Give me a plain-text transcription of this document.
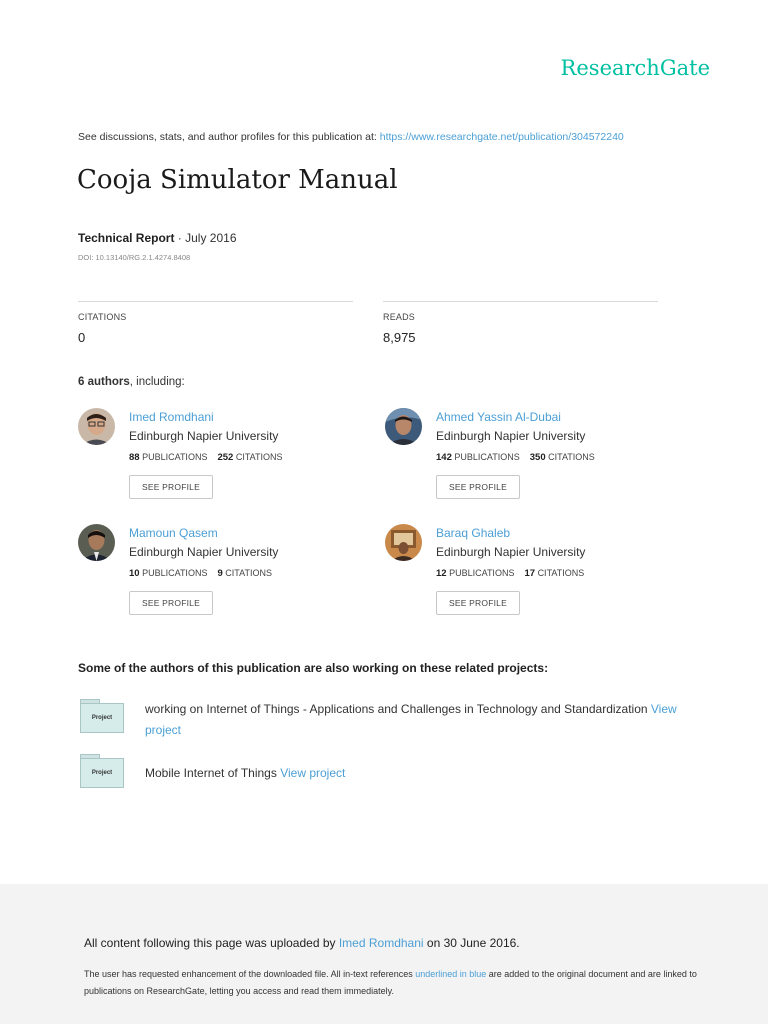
ResearchGate
See discussions, stats, and author profiles for this publication at: https://www.researchgate.net/publication/304572240
Cooja Simulator Manual
Technical Report · July 2016
DOI: 10.13140/RG.2.1.4274.8408
CITATIONS
0
READS
8,975
6 authors, including:
Imed Romdhani
Edinburgh Napier University
88 PUBLICATIONS 252 CITATIONS
SEE PROFILE
Ahmed Yassin Al-Dubai
Edinburgh Napier University
142 PUBLICATIONS 350 CITATIONS
SEE PROFILE
Mamoun Qasem
Edinburgh Napier University
10 PUBLICATIONS 9 CITATIONS
SEE PROFILE
Baraq Ghaleb
Edinburgh Napier University
12 PUBLICATIONS 17 CITATIONS
SEE PROFILE
Some of the authors of this publication are also working on these related projects:
Project
working on Internet of Things - Applications and Challenges in Technology and Standardization View project
Project	Mobile Internet of Things View project
All content following this page was uploaded by Imed Romdhani on 30 June 2016.
The user has requested enhancement of the downloaded file. All in-text references underlined in blue are added to the original document and are linked to publications on ResearchGate, letting you access and read them immediately.
